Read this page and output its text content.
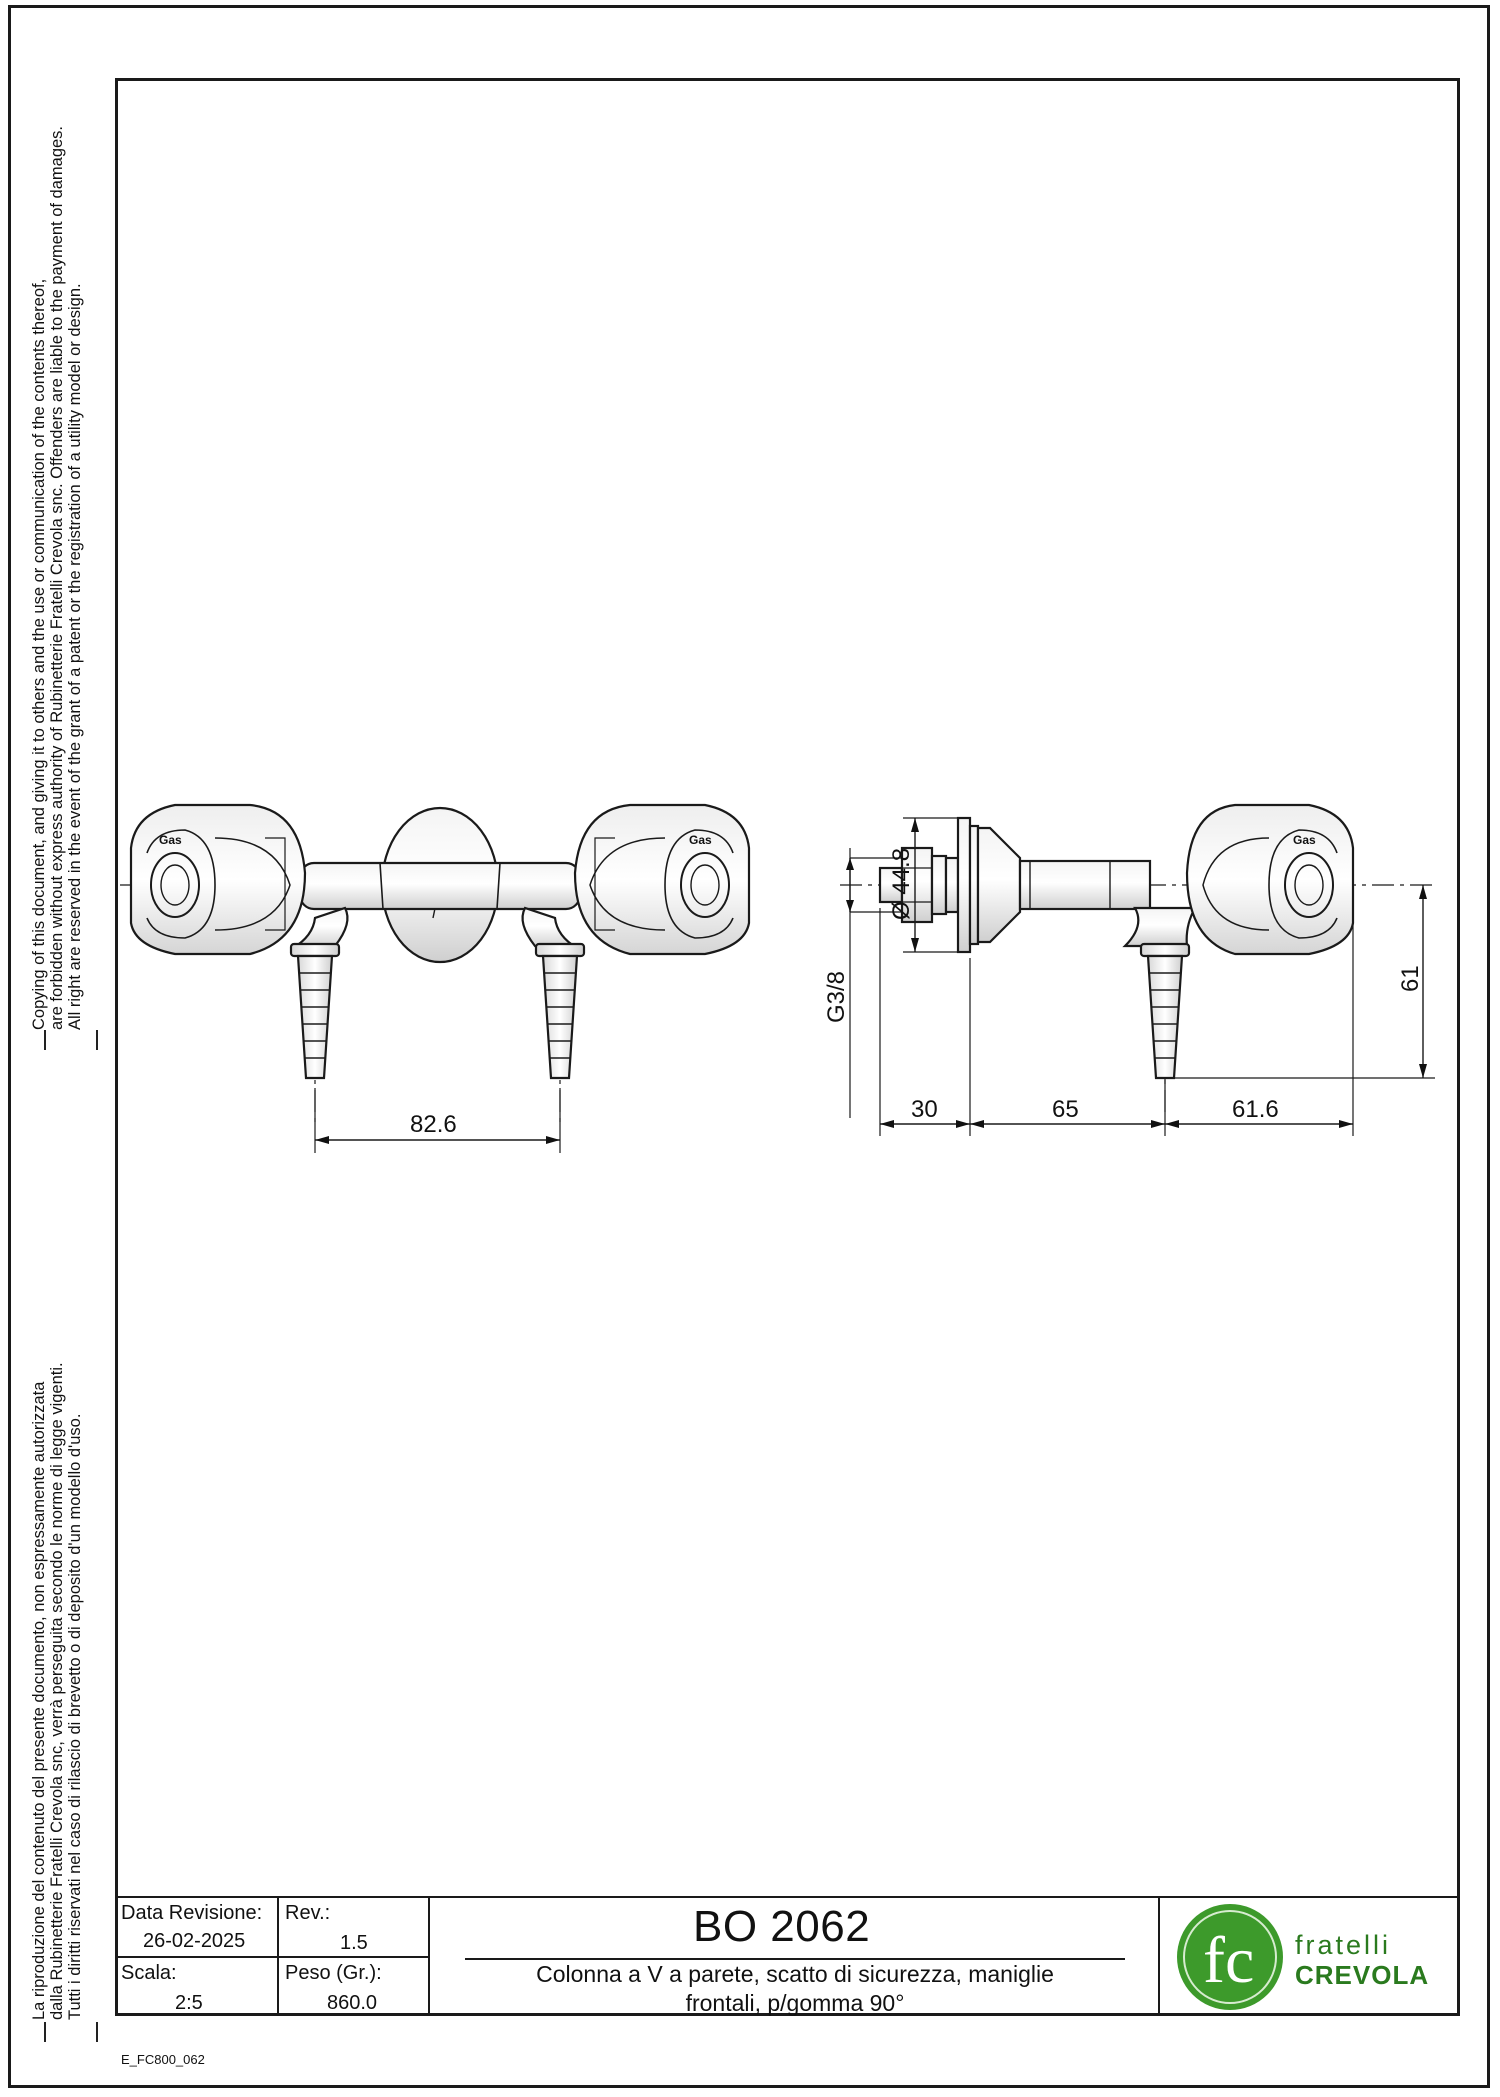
Copying of this document, and giving it to others and the use or communication of the contents thereof, are forbidden without express authority of Rubinetterie Fratelli Crevola snc. Offenders are liable to the payment of damages. All right are reserved in the event of the grant of a patent or the registration of a utility model or design.
La riproduzione del contenuto del presente documento, non espressamente autorizzata dalla Rubinetterie Fratelli Crevola snc, verrà perseguita secondo le norme di legge vigenti. Tutti i diritti riservati nel caso di rilascio di brevetto o di deposito d'un modello d'uso.
Gas	Gas	Gas
82.6
Ø 44.8
G3/8	61
30	65	61.6
Data Revisione:
26-02-2025
Rev.:
1.5
Scala:
2:5
Peso (Gr.):
860.0
BO 2062
Colonna a V a parete, scatto di sicurezza, maniglie
frontali, p/gomma 90°
fc fratelli
CREVOLA
E_FC800_062
